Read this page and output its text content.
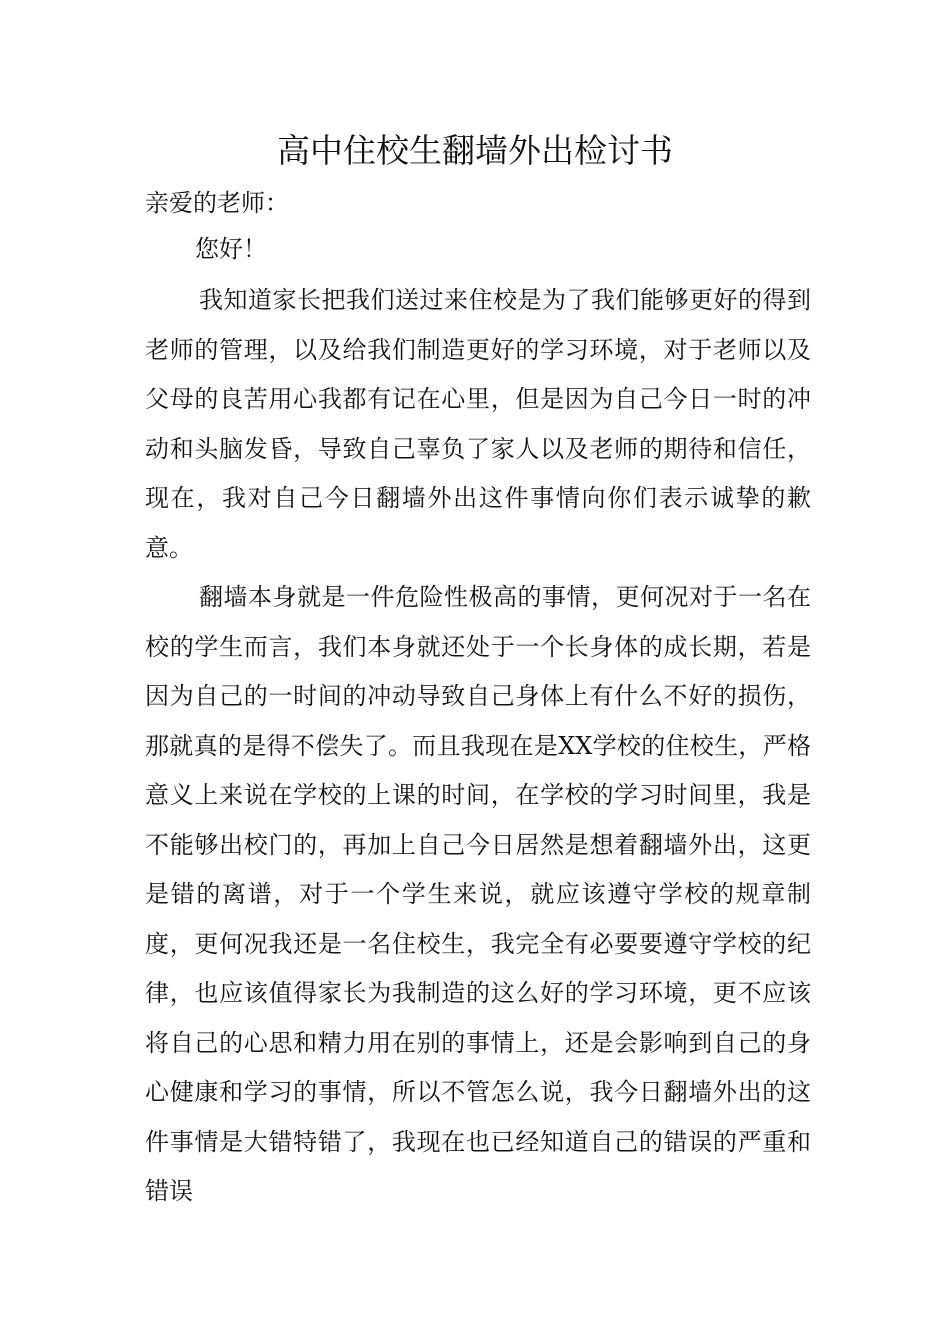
高中住校生翻墙外出检讨书
亲爱的老师：
您好！
我知道家长把我们送过来住校是为了我们能够更好的得到老师的管理，以及给我们制造更好的学习环境，对于老师以及父母的良苦用心我都有记在心里，但是因为自己今日一时的冲动和头脑发昏，导致自己辜负了家人以及老师的期待和信任，现在，我对自己今日翻墙外出这件事情向你们表示诚挚的歉意。
翻墙本身就是一件危险性极高的事情，更何况对于一名在校的学生而言，我们本身就还处于一个长身体的成长期，若是因为自己的一时间的冲动导致自己身体上有什么不好的损伤，那就真的是得不偿失了。而且我现在是XX学校的住校生，严格意义上来说在学校的上课的时间，在学校的学习时间里，我是不能够出校门的，再加上自己今日居然是想着翻墙外出，这更是错的离谱，对于一个学生来说，就应该遵守学校的规章制度，更何况我还是一名住校生，我完全有必要要遵守学校的纪律，也应该值得家长为我制造的这么好的学习环境，更不应该将自己的心思和精力用在别的事情上，还是会影响到自己的身心健康和学习的事情，所以不管怎么说，我今日翻墙外出的这件事情是大错特错了，我现在也已经知道自己的错误的严重和错误
